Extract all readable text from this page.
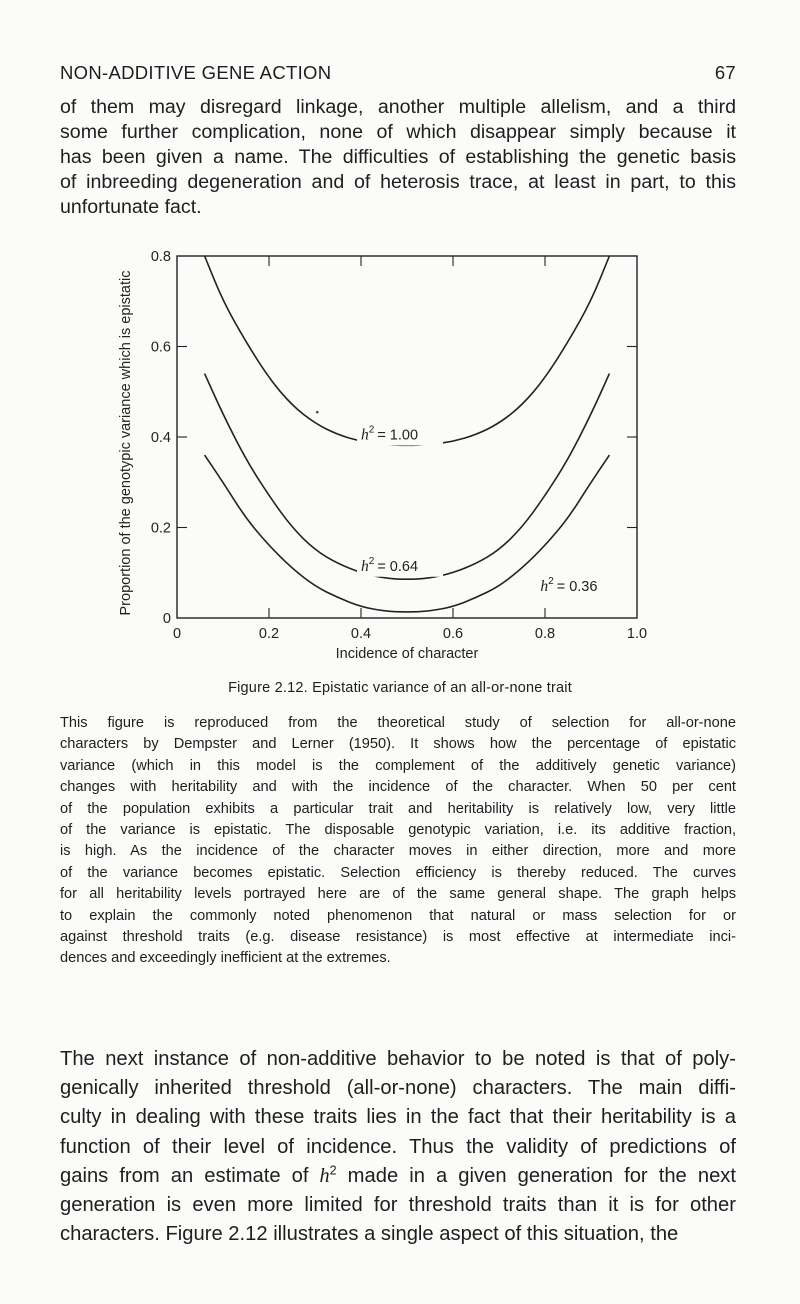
NON-ADDITIVE GENE ACTION	67
of them may disregard linkage, another multiple allelism, and a third
some further complication, none of which disappear simply because it
has been given a name. The difficulties of establishing the genetic basis
of inbreeding degeneration and of heterosis trace, at least in part, to this
unfortunate fact.
0	0.2	0.4	0.6	0.8	1.0
0
0.2
0.4
0.6
0.8
Incidence of character
Proportion of the genotypic variance which is epistatic	$h^2 = 1.00$
$h^2 = 0.64$
$h^2 = 0.36$
Figure 2.12. Epistatic variance of an all-or-none trait
This figure is reproduced from the theoretical study of selection for all-or-none
characters by Dempster and Lerner (1950). It shows how the percentage of epistatic
variance (which in this model is the complement of the additively genetic variance)
changes with heritability and with the incidence of the character. When 50 per cent
of the population exhibits a particular trait and heritability is relatively low, very little
of the variance is epistatic. The disposable genotypic variation, i.e. its additive fraction,
is high. As the incidence of the character moves in either direction, more and more
of the variance becomes epistatic. Selection efficiency is thereby reduced. The curves
for all heritability levels portrayed here are of the same general shape. The graph helps
to explain the commonly noted phenomenon that natural or mass selection for or
against threshold traits (e.g. disease resistance) is most effective at intermediate inci-
dences and exceedingly inefficient at the extremes.
The next instance of non-additive behavior to be noted is that of poly-
genically inherited threshold (all-or-none) characters. The main diffi-
culty in dealing with these traits lies in the fact that their heritability is a
function of their level of incidence. Thus the validity of predictions of
gains from an estimate of $h^2$ made in a given generation for the next
generation is even more limited for threshold traits than it is for other
characters. Figure 2.12 illustrates a single aspect of this situation, the
